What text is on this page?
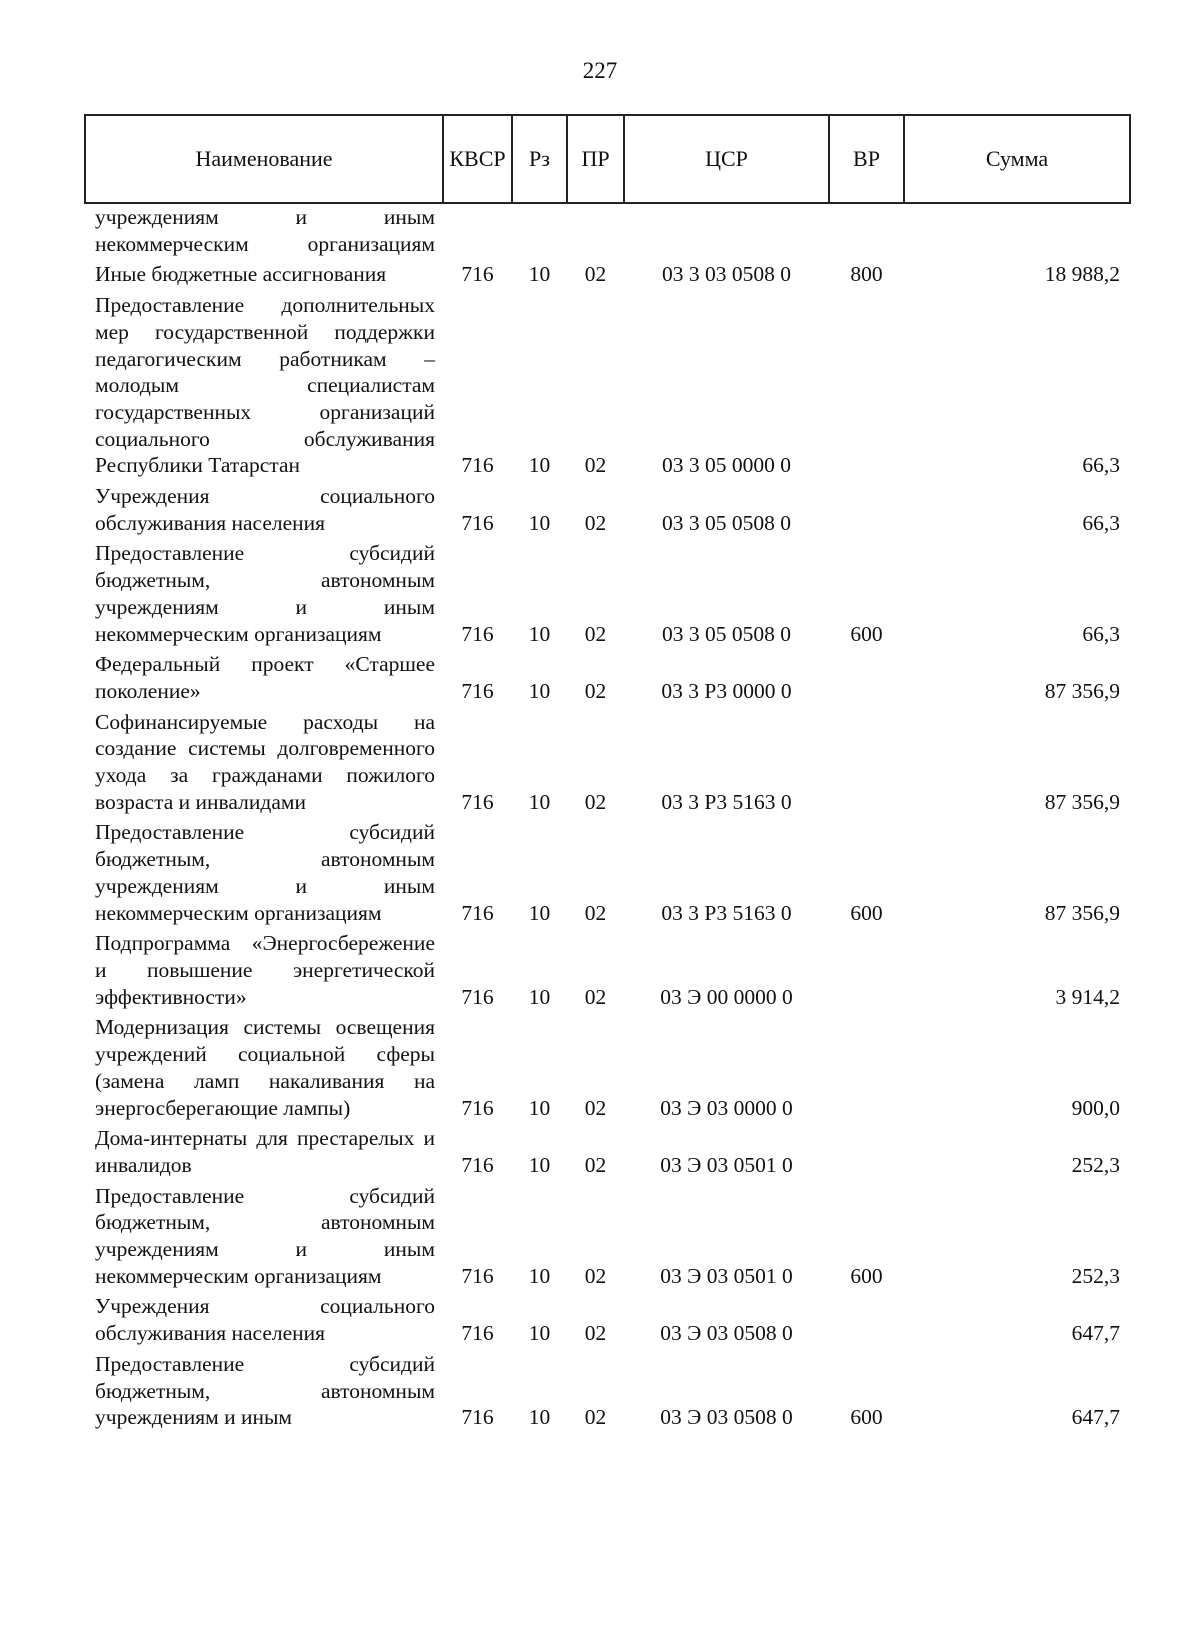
227
Наименование	КВСР	Рз	ПР	ЦСР	ВР	Сумма
учреждениям и иным некоммерческим организациям						
Иные бюджетные ассигнования	716	10	02	03 3 03 0508 0	800	18 988,2
Предоставление дополнительных мер государственной поддержки педагогическим работникам – молодым специалистам государственных организаций социального обслуживания Республики Татарстан	716	10	02	03 3 05 0000 0		66,3
Учреждения социального обслуживания населения	716	10	02	03 3 05 0508 0		66,3
Предоставление субсидий бюджетным, автономным учреждениям и иным некоммерческим организациям	716	10	02	03 3 05 0508 0	600	66,3
Федеральный проект «Старшее поколение»	716	10	02	03 3 P3 0000 0		87 356,9
Софинансируемые расходы на создание системы долговременного ухода за гражданами пожилого возраста и инвалидами	716	10	02	03 3 P3 5163 0		87 356,9
Предоставление субсидий бюджетным, автономным учреждениям и иным некоммерческим организациям	716	10	02	03 3 P3 5163 0	600	87 356,9
Подпрограмма «Энергосбережение и повышение энергетической эффективности»	716	10	02	03 Э 00 0000 0		3 914,2
Модернизация системы освещения учреждений социальной сферы (замена ламп накаливания на энергосберегающие лампы)	716	10	02	03 Э 03 0000 0		900,0
Дома-интернаты для престарелых и инвалидов	716	10	02	03 Э 03 0501 0		252,3
Предоставление субсидий бюджетным, автономным учреждениям и иным некоммерческим организациям	716	10	02	03 Э 03 0501 0	600	252,3
Учреждения социального обслуживания населения	716	10	02	03 Э 03 0508 0		647,7
Предоставление субсидий бюджетным, автономным учреждениям и иным	716	10	02	03 Э 03 0508 0	600	647,7
